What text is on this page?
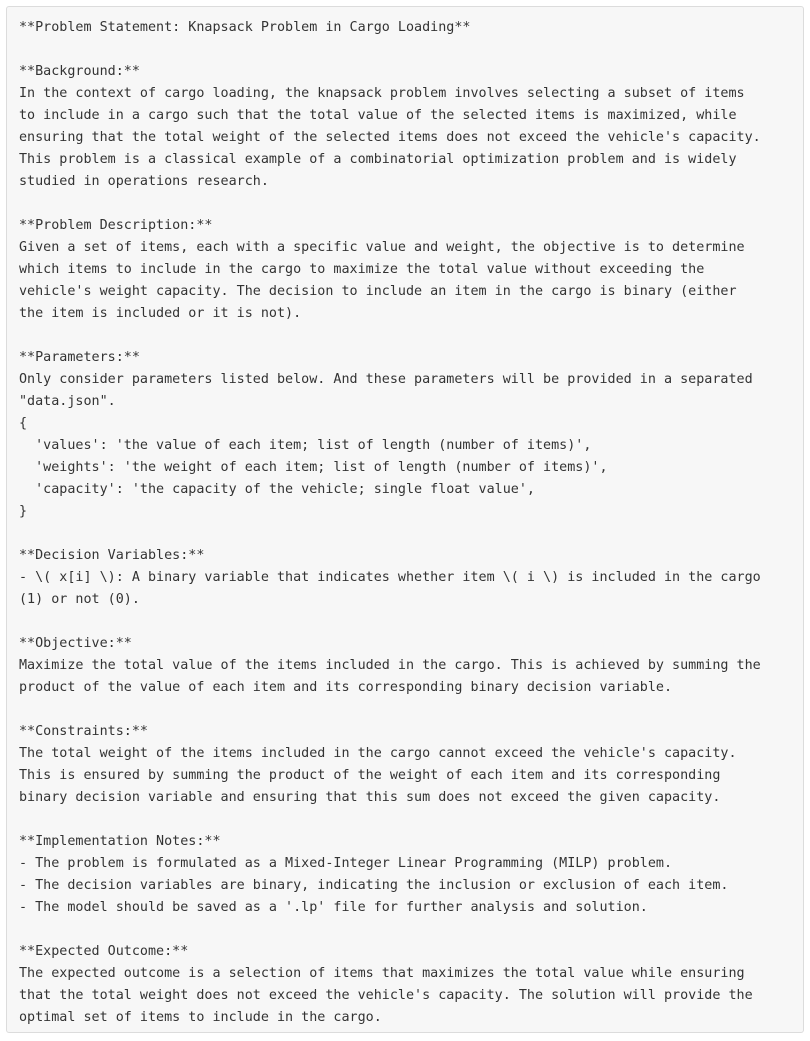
**Problem Statement: Knapsack Problem in Cargo Loading**

**Background:**
In the context of cargo loading, the knapsack problem involves selecting a subset of items
to include in a cargo such that the total value of the selected items is maximized, while
ensuring that the total weight of the selected items does not exceed the vehicle's capacity.
This problem is a classical example of a combinatorial optimization problem and is widely
studied in operations research.

**Problem Description:**
Given a set of items, each with a specific value and weight, the objective is to determine
which items to include in the cargo to maximize the total value without exceeding the
vehicle's weight capacity. The decision to include an item in the cargo is binary (either
the item is included or it is not).

**Parameters:**
Only consider parameters listed below. And these parameters will be provided in a separated
"data.json".
{
'values': 'the value of each item; list of length (number of items)',
'weights': 'the weight of each item; list of length (number of items)',
'capacity': 'the capacity of the vehicle; single float value',
}

**Decision Variables:**
- \( x[i] \): A binary variable that indicates whether item \( i \) is included in the cargo
(1) or not (0).

**Objective:**
Maximize the total value of the items included in the cargo. This is achieved by summing the
product of the value of each item and its corresponding binary decision variable.

**Constraints:**
The total weight of the items included in the cargo cannot exceed the vehicle's capacity.
This is ensured by summing the product of the weight of each item and its corresponding
binary decision variable and ensuring that this sum does not exceed the given capacity.

**Implementation Notes:**
- The problem is formulated as a Mixed-Integer Linear Programming (MILP) problem.
- The decision variables are binary, indicating the inclusion or exclusion of each item.
- The model should be saved as a '.lp' file for further analysis and solution.

**Expected Outcome:**
The expected outcome is a selection of items that maximizes the total value while ensuring
that the total weight does not exceed the vehicle's capacity. The solution will provide the
optimal set of items to include in the cargo.
